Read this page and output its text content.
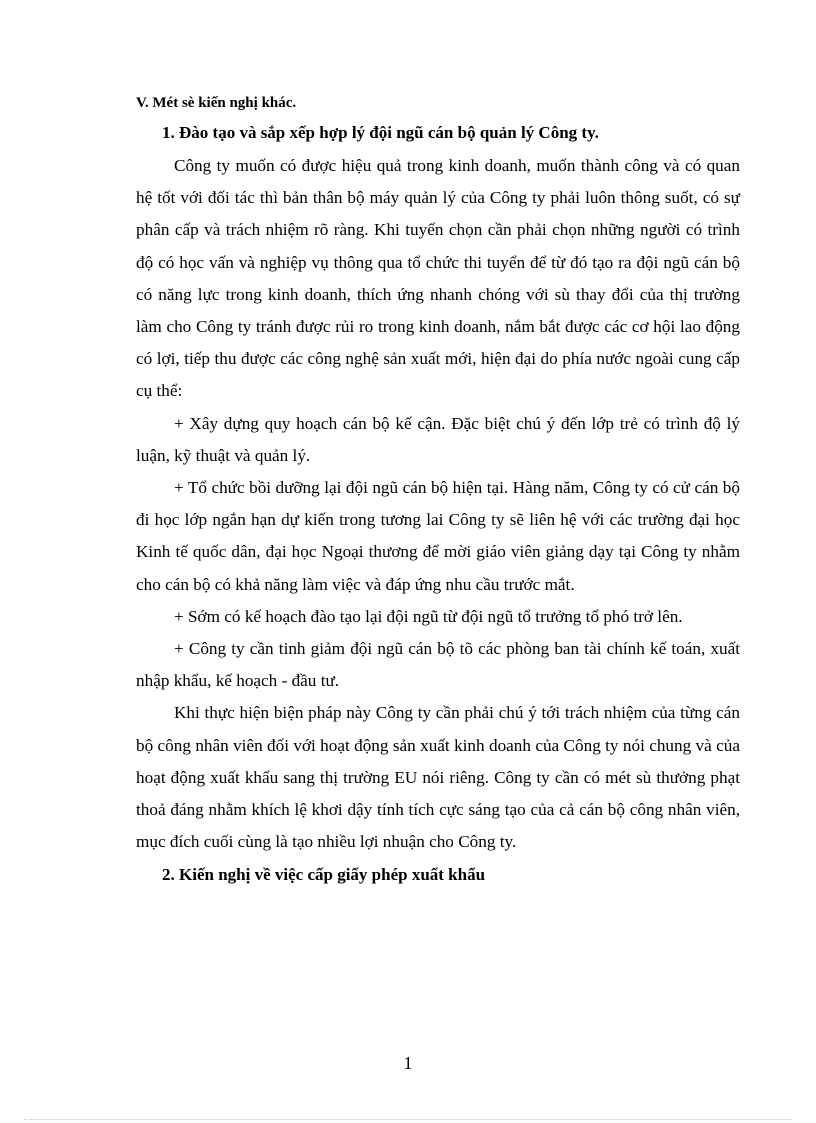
V. Mét sè kiến nghị khác.

1. Đào tạo và sắp xếp hợp lý đội ngũ cán bộ quản lý Công ty.

Công ty muốn có được hiệu quả trong kinh doanh, muốn thành công và có quan hệ tốt với đối tác thì bản thân bộ máy quản lý của Công ty phải luôn thông suốt, có sự phân cấp và trách nhiệm rõ ràng. Khi tuyển chọn cần phải chọn những người có trình độ có học vấn và nghiệp vụ thông qua tổ chức thi tuyển để từ đó tạo ra đội ngũ cán bộ có năng lực trong kinh doanh, thích ứng nhanh chóng với sù thay đổi của thị trường làm cho Công ty tránh được rủi ro trong kinh doanh, nắm bắt được các cơ hội lao động có lợi, tiếp thu được các công nghệ sản xuất mới, hiện đại do phía nước ngoài cung cấp cụ thể:

+ Xây dựng quy hoạch cán bộ kế cận. Đặc biệt chú ý đến lớp trẻ có trình độ lý luận, kỹ thuật và quản lý.

+ Tổ chức bồi dưỡng lại đội ngũ cán bộ hiện tại. Hàng năm, Công ty có cử cán bộ đi học lớp ngắn hạn dự kiến trong tương lai Công ty sẽ liên hệ với các trường đại học Kinh tế quốc dân, đại học Ngoại thương để mời giáo viên giảng dạy tại Công ty nhằm cho cán bộ có khả năng làm việc và đáp ứng nhu cầu trước mắt.

+ Sớm có kế hoạch đào tạo lại đội ngũ từ đội ngũ tổ trưởng tổ phó trở lên.

+ Công ty cần tinh giảm đội ngũ cán bộ tõ các phòng ban tài chính kế toán, xuất nhập khẩu, kế hoạch - đầu tư.

Khi thực hiện biện pháp này Công ty cần phải chú ý tới trách nhiệm của từng cán bộ công nhân viên đối với hoạt động sản xuất kinh doanh của Công ty nói chung và của hoạt động xuất khẩu sang thị trường EU nói riêng. Công ty cần có mét sù thưởng phạt thoả đáng nhằm khích lệ khơi dậy tính tích cực sáng tạo của cả cán bộ công nhân viên, mục đích cuối cùng là tạo nhiều lợi nhuận cho Công ty.

2. Kiến nghị về việc cấp giấy phép xuất khẩu

1
